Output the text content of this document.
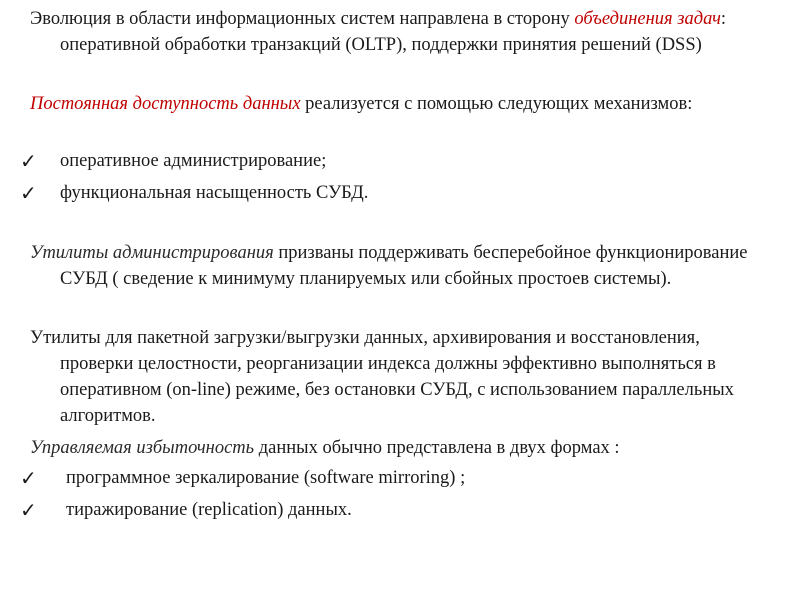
Эволюция в области информационных систем направлена в сторону объединения задач: оперативной обработки транзакций (OLTP), поддержки принятия решений (DSS)
Постоянная доступность данных реализуется с помощью следующих механизмов:
✓ оперативное администрирование;
✓ функциональная насыщенность СУБД.
Утилиты администрирования призваны поддерживать бесперебойное функционирование СУБД ( сведение к минимуму планируемых или сбойных простоев системы).
Утилиты для пакетной загрузки/выгрузки данных, архивирования и восстановления, проверки целостности, реорганизации индекса должны эффективно выполняться в оперативном (on-line) режиме, без остановки СУБД, с использованием параллельных алгоритмов.
Управляемая избыточность данных обычно представлена в двух формах :
✓ программное зеркалирование (software mirroring) ;
✓ тиражирование (replication) данных.
